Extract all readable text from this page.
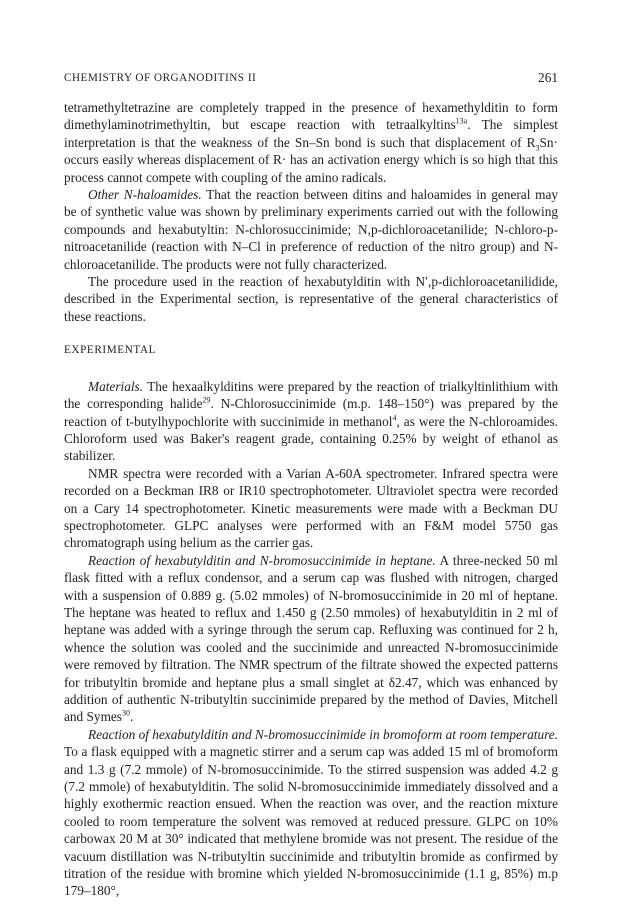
CHEMISTRY OF ORGANODITINS II	261

tetramethyltetrazine are completely trapped in the presence of hexamethylditin to form dimethylaminotrimethyltin, but escape reaction with tetraalkyltins$^{13a}$. The simplest interpretation is that the weakness of the Sn–Sn bond is such that displacement of $R_3Sn\cdot$ occurs easily whereas displacement of R· has an activation energy which is so high that this process cannot compete with coupling of the amino radicals.

Other N-haloamides. That the reaction between ditins and haloamides in general may be of synthetic value was shown by preliminary experiments carried out with the following compounds and hexabutyltin: N-chlorosuccinimide; N,p-dichloroacetanilide; N-chloro-p-nitroacetanilide (reaction with N–Cl in preference of reduction of the nitro group) and N-chloroacetanilide. The products were not fully characterized.

The procedure used in the reaction of hexabutylditin with N′,p-dichloroacetanilidide, described in the Experimental section, is representative of the general characteristics of these reactions.

EXPERIMENTAL

Materials. The hexaalkylditins were prepared by the reaction of trialkyltinlithium with the corresponding halide$^{29}$. N-Chlorosuccinimide (m.p. 148–150°) was prepared by the reaction of t-butylhypochlorite with succinimide in methanol$^4$, as were the N-chloroamides. Chloroform used was Baker's reagent grade, containing 0.25% by weight of ethanol as stabilizer.

NMR spectra were recorded with a Varian A-60A spectrometer. Infrared spectra were recorded on a Beckman IR8 or IR10 spectrophotometer. Ultraviolet spectra were recorded on a Cary 14 spectrophotometer. Kinetic measurements were made with a Beckman DU spectrophotometer. GLPC analyses were performed with an F&M model 5750 gas chromatograph using helium as the carrier gas.

Reaction of hexabutylditin and N-bromosuccinimide in heptane. A three-necked 50 ml flask fitted with a reflux condensor, and a serum cap was flushed with nitrogen, charged with a suspension of 0.889 g. (5.02 mmoles) of N-bromosuccinimide in 20 ml of heptane. The heptane was heated to reflux and 1.450 g (2.50 mmoles) of hexabutylditin in 2 ml of heptane was added with a syringe through the serum cap. Refluxing was continued for 2 h, whence the solution was cooled and the succinimide and unreacted N-bromosuccinimide were removed by filtration. The NMR spectrum of the filtrate showed the expected patterns for tributyltin bromide and heptane plus a small singlet at δ2.47, which was enhanced by addition of authentic N-tributyltin succinimide prepared by the method of Davies, Mitchell and Symes$^{30}$.

Reaction of hexabutylditin and N-bromosuccinimide in bromoform at room temperature. To a flask equipped with a magnetic stirrer and a serum cap was added 15 ml of bromoform and 1.3 g (7.2 mmole) of N-bromosuccinimide. To the stirred suspension was added 4.2 g (7.2 mmole) of hexabutylditin. The solid N-bromosuccinimide immediately dissolved and a highly exothermic reaction ensued. When the reaction was over, and the reaction mixture cooled to room temperature the solvent was removed at reduced pressure. GLPC on 10% carbowax 20 M at 30° indicated that methylene bromide was not present. The residue of the vacuum distillation was N-tributyltin succinimide and tributyltin bromide as confirmed by titration of the residue with bromine which yielded N-bromosuccinimide (1.1 g, 85%) m.p 179–180°,
